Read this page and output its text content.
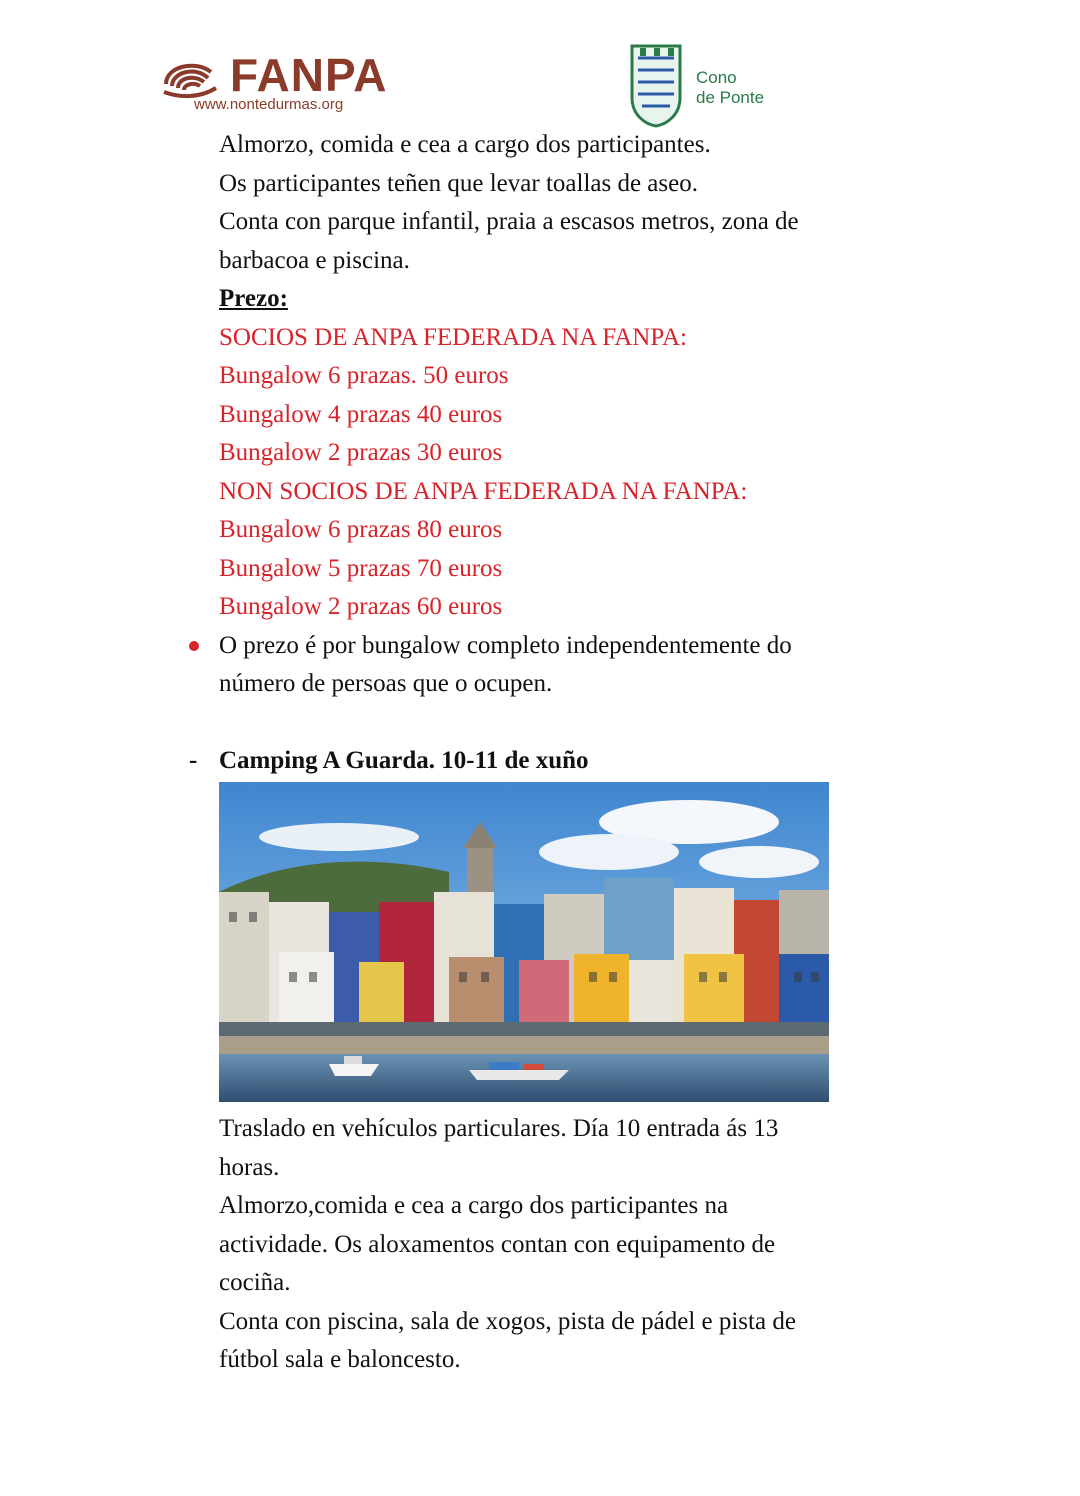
FANPA
www.nontedurmas.org
Cono
de Ponte
Almorzo, comida e cea a cargo dos participantes.
Os participantes teñen que levar toallas de aseo.
Conta con parque infantil, praia a escasos metros, zona de
barbacoa e piscina.
Prezo:
SOCIOS DE ANPA FEDERADA NA FANPA:
Bungalow 6 prazas. 50 euros
Bungalow 4 prazas 40 euros
Bungalow 2 prazas 30 euros
NON SOCIOS DE ANPA FEDERADA NA FANPA:
Bungalow 6 prazas 80 euros
Bungalow 5 prazas 70 euros
Bungalow 2 prazas 60 euros
O prezo é por bungalow completo independentemente do
número de persoas que o ocupen.
- Camping A Guarda. 10-11 de xuño
Traslado en vehículos particulares. Día 10 entrada ás 13
horas.
Almorzo,comida e cea a cargo dos participantes na
actividade. Os aloxamentos contan con equipamento de
cociña.
Conta con piscina, sala de xogos, pista de pádel e pista de
fútbol sala e baloncesto.
